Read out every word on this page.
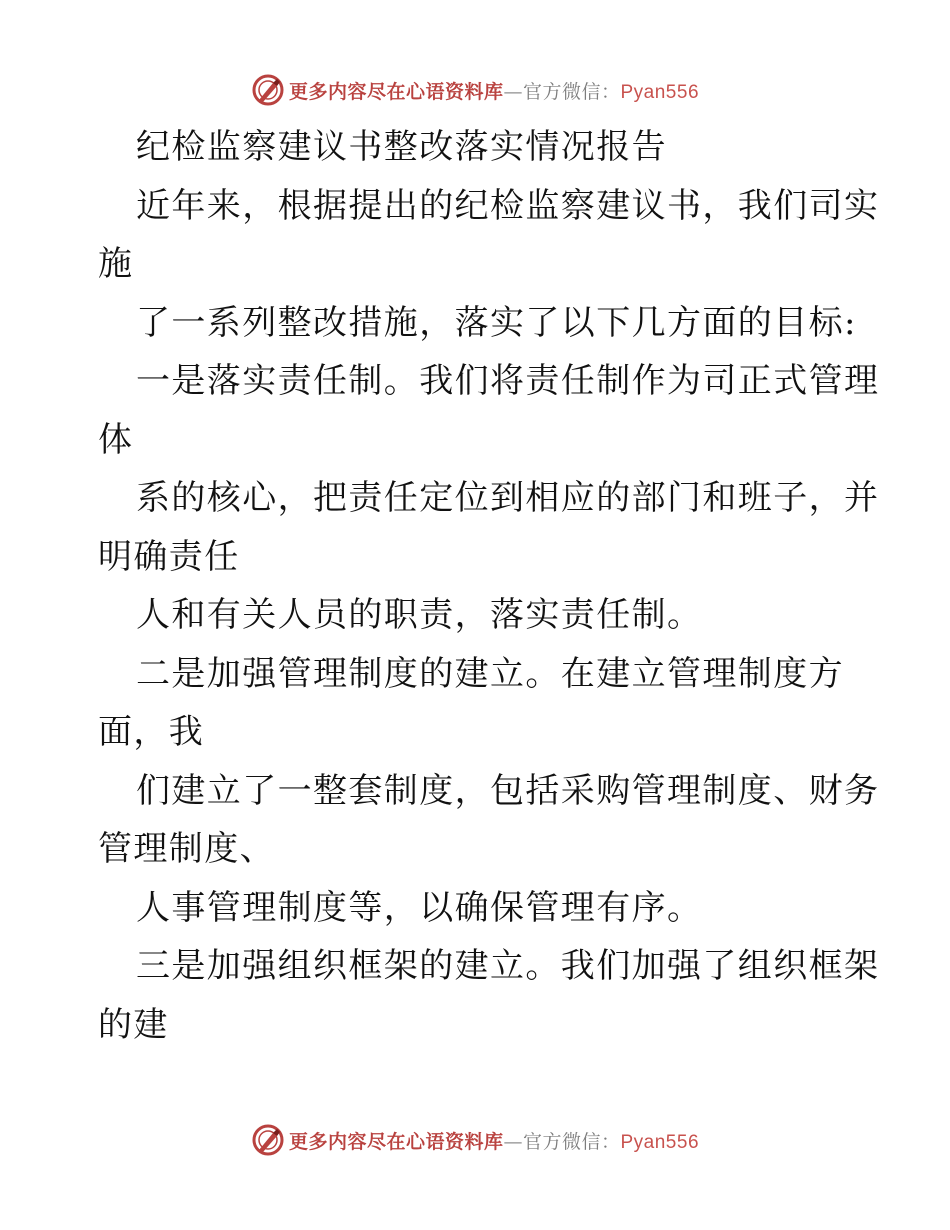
更多内容尽在心语资料库—官方微信：Pyan556
纪检监察建议书整改落实情况报告
近年来，根据提出的纪检监察建议书，我们司实
施
了一系列整改措施，落实了以下几方面的目标:
一是落实责任制。我们将责任制作为司正式管理
体
系的核心，把责任定位到相应的部门和班子，并
明确责任
人和有关人员的职责，落实责任制。
二是加强管理制度的建立。在建立管理制度方
面，我
们建立了一整套制度，包括采购管理制度、财务
管理制度、
人事管理制度等，以确保管理有序。
三是加强组织框架的建立。我们加强了组织框架
的建
更多内容尽在心语资料库—官方微信：Pyan556
